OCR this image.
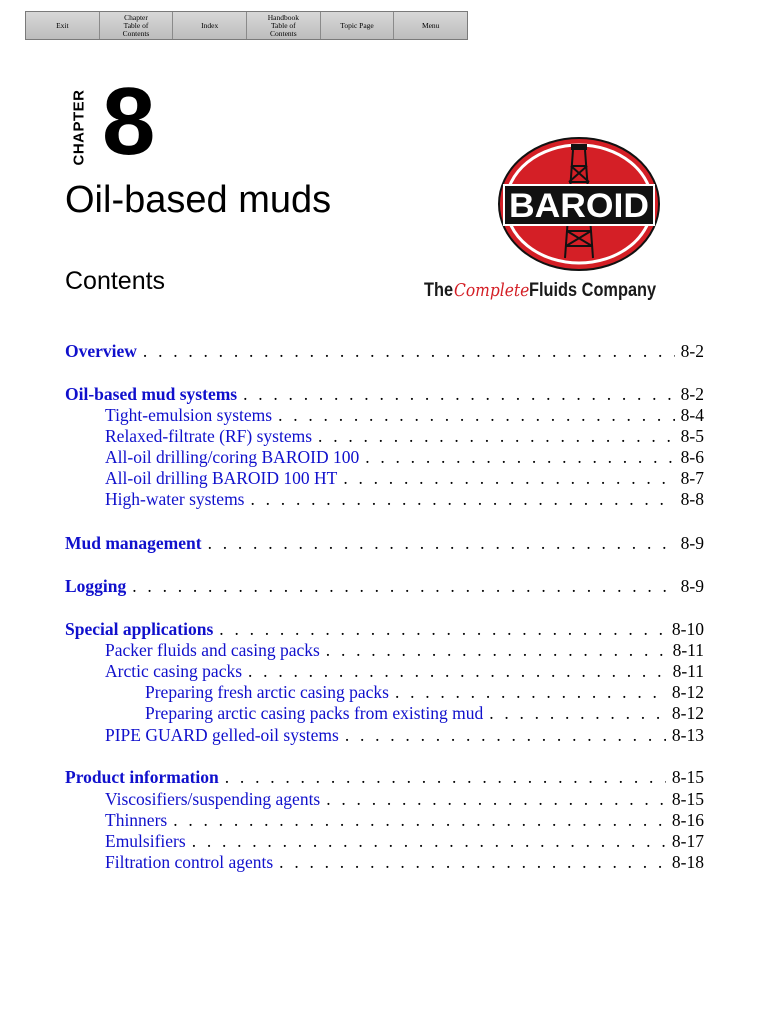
Exit
Chapter
Table of
Contents
Index
Handbook
Table of
Contents
Topic Page	Menu
CHAPTER 8
Oil-based muds
Contents
BAROID
The Complete Fluids Company
Overview . . .	8-2
Oil-based mud systems . . .	8-2
Tight-emulsion systems . . .	8-4
Relaxed-filtrate (RF) systems . . .	8-5
All-oil drilling/coring BAROID 100 . . .	8-6
All-oil drilling BAROID 100 HT . . .	8-7
High-water systems . . .	8-8
Mud management . . .	8-9
Logging . . .	8-9
Special applications . . .	8-10
Packer fluids and casing packs . . .	8-11
Arctic casing packs . . .	8-11
Preparing fresh arctic casing packs . . .	8-12
Preparing arctic casing packs from existing mud . . .	8-12
PIPE GUARD gelled-oil systems . . .	8-13
Product information . . .	8-15
Viscosifiers/suspending agents . . .	8-15
Thinners . . .	8-16
Emulsifiers . . .	8-17
Filtration control agents . . .	8-18
